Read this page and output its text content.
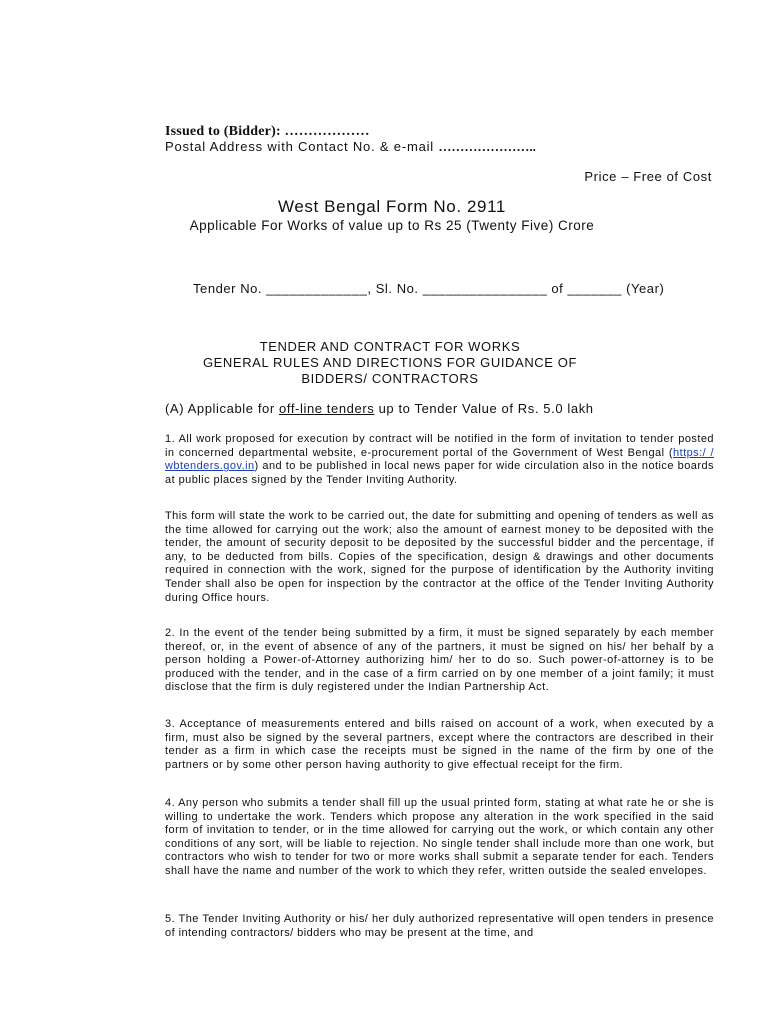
Issued to (Bidder): ………………
Postal Address with Contact No. & e-mail …………………..
Price – Free of Cost
West Bengal Form No. 2911
Applicable For Works of value up to Rs 25 (Twenty Five) Crore
Tender No. _____________, Sl. No. ________________ of _______ (Year)
TENDER AND CONTRACT FOR WORKS
GENERAL RULES AND DIRECTIONS FOR GUIDANCE OF
BIDDERS/ CONTRACTORS
(A) Applicable for off-line tenders up to Tender Value of Rs. 5.0 lakh
1. All work proposed for execution by contract will be notified in the form of invitation to tender posted in concerned departmental website, e-procurement portal of the Government of West Bengal (https:/ / wbtenders.gov.in) and to be published in local news paper for wide circulation also in the notice boards at public places signed by the Tender Inviting Authority.
This form will state the work to be carried out, the date for submitting and opening of tenders as well as the time allowed for carrying out the work; also the amount of earnest money to be deposited with the tender, the amount of security deposit to be deposited by the successful bidder and the percentage, if any, to be deducted from bills. Copies of the specification, design & drawings and other documents required in connection with the work, signed for the purpose of identification by the Authority inviting Tender shall also be open for inspection by the contractor at the office of the Tender Inviting Authority during Office hours.
2. In the event of the tender being submitted by a firm, it must be signed separately by each member thereof, or, in the event of absence of any of the partners, it must be signed on his/ her behalf by a person holding a Power-of-Attorney authorizing him/ her to do so. Such power-of-attorney is to be produced with the tender, and in the case of a firm carried on by one member of a joint family; it must disclose that the firm is duly registered under the Indian Partnership Act.
3. Acceptance of measurements entered and bills raised on account of a work, when executed by a firm, must also be signed by the several partners, except where the contractors are described in their tender as a firm in which case the receipts must be signed in the name of the firm by one of the partners or by some other person having authority to give effectual receipt for the firm.
4. Any person who submits a tender shall fill up the usual printed form, stating at what rate he or she is willing to undertake the work. Tenders which propose any alteration in the work specified in the said form of invitation to tender, or in the time allowed for carrying out the work, or which contain any other conditions of any sort, will be liable to rejection. No single tender shall include more than one work, but contractors who wish to tender for two or more works shall submit a separate tender for each. Tenders shall have the name and number of the work to which they refer, written outside the sealed envelopes.
5. The Tender Inviting Authority or his/ her duly authorized representative will open tenders in presence of intending contractors/ bidders who may be present at the time, and
